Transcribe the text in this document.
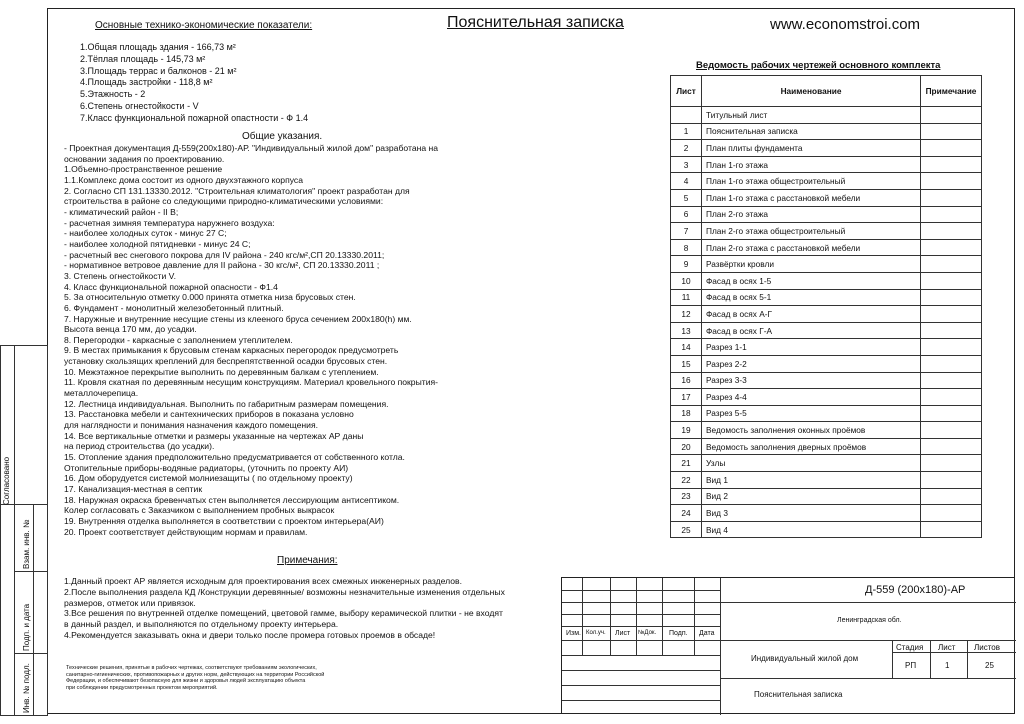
Согласовано
Взам. инв. №
Подп. и дата
Инв. № подл.
Основные технико-экономические показатели:	Пояснительная записка	www.economstroi.com
1.Общая площадь здания - 166,73 м²
2.Тёплая площадь - 145,73 м²
3.Площадь террас и балконов - 21 м²
4.Площадь застройки - 118,8 м²
5.Этажность - 2
6.Степень огнестойкости - V
7.Класс функциональной пожарной опастности - Ф 1.4
Общие указания.
- Проектная документация Д-559(200х180)-АР. "Индивидуальный жилой дом" разработана на
основании задания по проектированию.
1.Объемно-пространственное решение
1.1.Комплекс дома состоит из одного двухэтажного корпуса
2. Согласно СП 131.13330.2012. "Строительная климатология" проект разработан для
строительства в районе со следующими природно-климатическими условиями:
- климатический район - II В;
- расчетная зимняя температура наружнего воздуха:
- наиболее холодных суток - минус 27 С;
- наиболее холодной пятидневки - минус 24 С;
- расчетный вес снегового покрова для IV района - 240 кгс/м²,СП 20.13330.2011;
- нормативное ветровое давление для II района - 30 кгс/м², СП 20.13330.2011 ;
3. Степень огнестойкости V.
4. Класс функциональной пожарной опасности - Ф1.4
5. За относительную отметку 0.000 принята отметка низа брусовых стен.
6. Фундамент - монолитный железобетонный плитный.
7. Наружные и внутренние несущие стены из клееного бруса сечением 200х180(h) мм.
Высота венца 170 мм, до усадки.
8. Перегородки - каркасные с заполнением утеплителем.
9. В местах примыкания к брусовым стенам каркасных перегородок предусмотреть
установку скользящих креплений для беспрепятственной осадки брусовых стен.
10. Межэтажное перекрытие выполнить по деревянным балкам с утеплением.
11. Кровля скатная по деревянным несущим конструкциям. Материал кровельного покрытия-
металлочерепица.
12. Лестница индивидуальная. Выполнить по габаритным размерам помещения.
13. Расстановка мебели и сантехнических приборов в показана условно
для наглядности и понимания назначения каждого помещения.
14. Все вертикальные отметки и размеры указанные на чертежах АР даны
на период строительства (до усадки).
15. Отопление здания предположительно предусматривается от собственного котла.
Отопительные приборы-водяные радиаторы, (уточнить по проекту АИ)
16. Дом оборудуется системой молниезащиты ( по отдельному проекту)
17. Канализация-местная в септик
18. Наружная окраска бревенчатых стен выполняется лессирующим антисептиком.
Колер согласовать с Заказчиком с выполнением пробных выкрасок
19. Внутренняя отделка выполняется в соответствии с проектом интерьера(АИ)
20. Проект соответствует действующим нормам и правилам.
Примечания:
1.Данный проект АР является исходным для проектирования всех смежных инженерных разделов.
2.После выполнения раздела КД /Конструкции деревянные/ возможны незначительные изменения отдельных
размеров, отметок или привязок.
3.Все решения по внутренней отделке помещений, цветовой гамме, выбору керамической плитки - не входят
в данный раздел, и выполняются по отдельному проекту интерьера.
4.Рекомендуется заказывать окна и двери только после промера готовых проемов в обсаде!
Технические решения, принятые в рабочих чертежах, соответствуют требованиям экологических,
санитарно-гигиенических, противопожарных и других норм, действующих на территории Российской
Федерации, и обеспечивают безопасную для жизни и здоровья людей эксплуатацию объекта
при соблюдении предусмотренных проектом мероприятий.
Ведомость рабочих чертежей основного комплекта
Лист	Наименование	Примечание
	Титульный лист	
1	Пояснительная записка	
2	План плиты фундамента	
3	План 1-го этажа	
4	План 1-го этажа общестроительный	
5	План 1-го этажа с расстановкой мебели	
6	План 2-го этажа	
7	План 2-го этажа общестроительный	
8	План 2-го этажа с расстановкой мебели	
9	Развёртки кровли	
10	Фасад в осях 1-5	
11	Фасад в осях 5-1	
12	Фасад в осях А-Г	
13	Фасад в осях Г-А	
14	Разрез 1-1	
15	Разрез 2-2	
16	Разрез 3-3	
17	Разрез 4-4	
18	Разрез 5-5	
19	Ведомость заполнения оконных проёмов	
20	Ведомость заполнения дверных проёмов	
21	Узлы	
22	Вид 1	
23	Вид 2	
24	Вид 3	
25	Вид 4	
Изм. Кол.уч. Лист №Док. Подп. Дата
Д-559 (200х180)-АР
Ленинградская обл.
Индивидуальный жилой дом
Пояснительная записка
Стадия Лист Листов
РП	1	25
